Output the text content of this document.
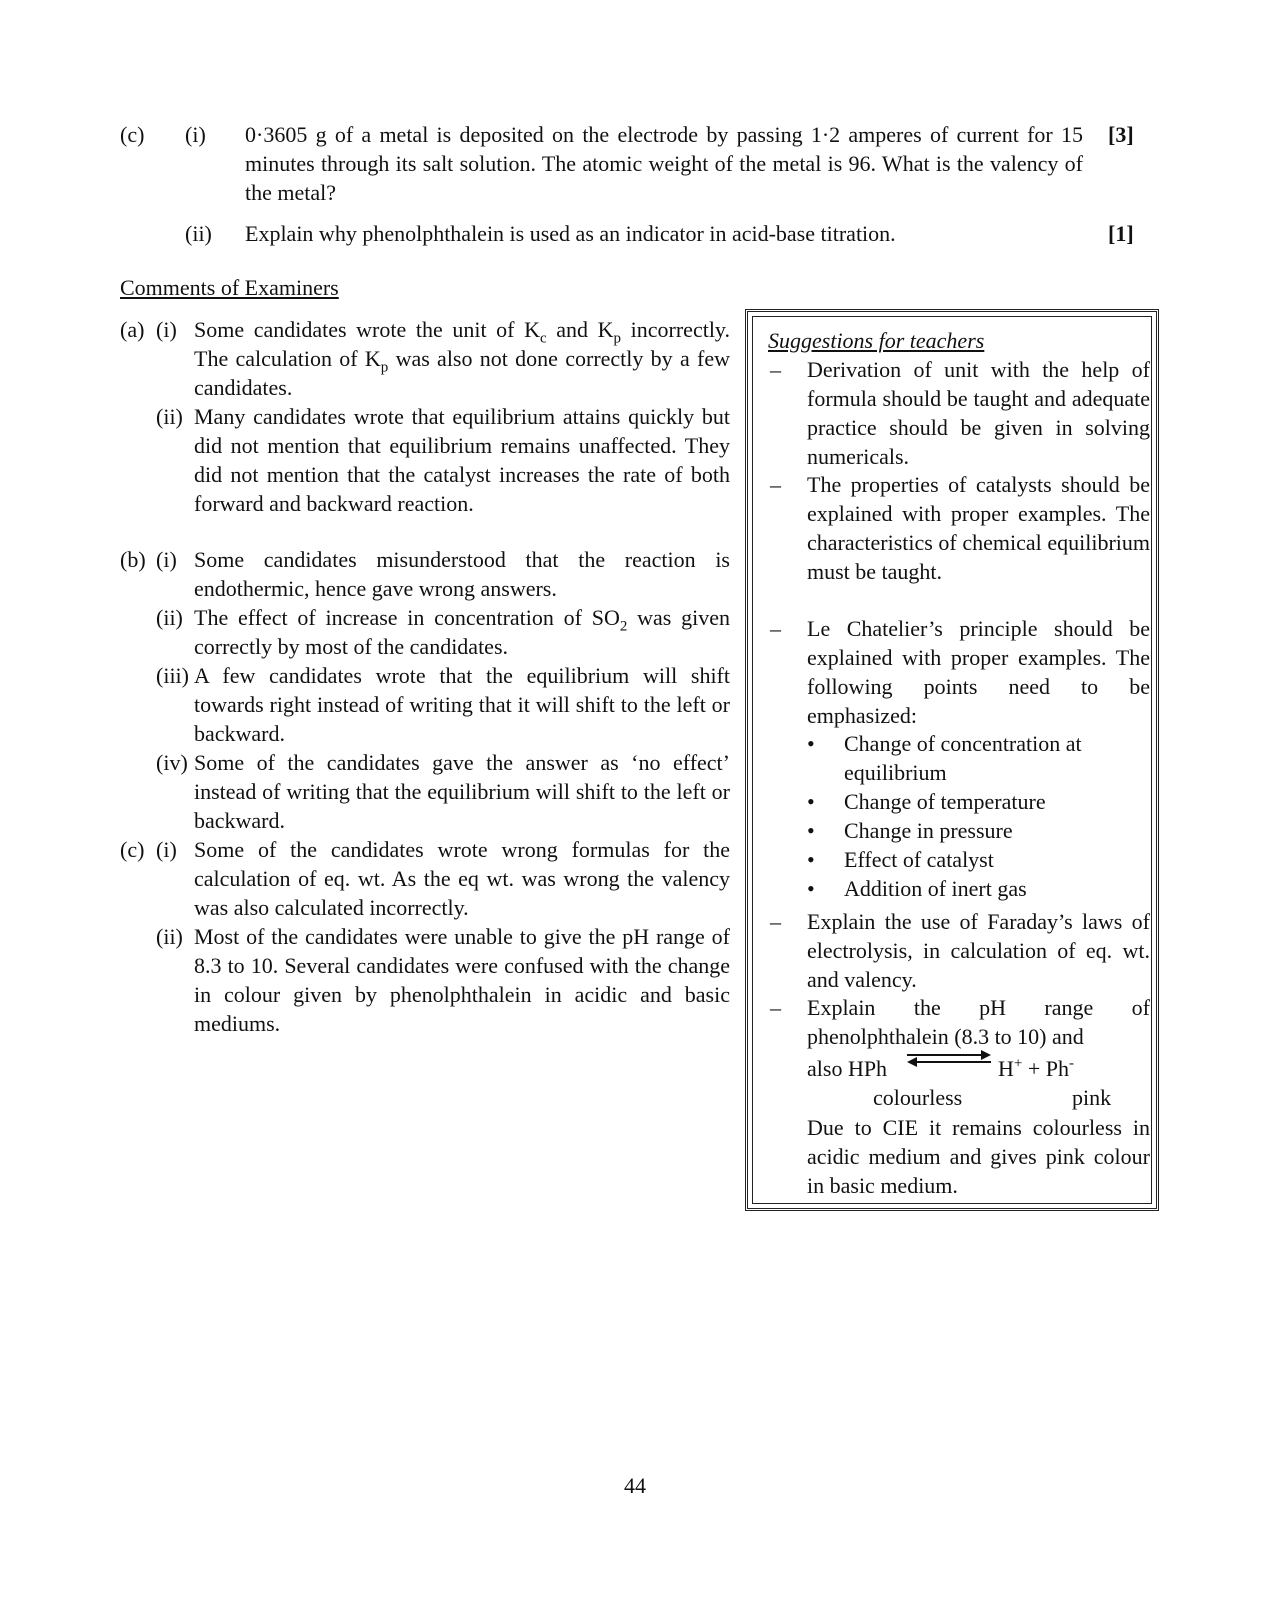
(c) (i) 0·3605 g of a metal is deposited on the electrode by passing 1·2 amperes of current for 15 minutes through its salt solution. The atomic weight of the metal is 96. What is the valency of the metal?
[3]
(ii) Explain why phenolphthalein is used as an indicator in acid-base titration.	[1]
Comments of Examiners
(a) (i) Some candidates wrote the unit of $K_c$ and $K_p$ incorrectly. The calculation of $K_p$ was also not done correctly by a few candidates.
(ii) Many candidates wrote that equilibrium attains quickly but did not mention that equilibrium remains unaffected. They did not mention that the catalyst increases the rate of both forward and backward reaction.
(b) (i) Some candidates misunderstood that the reaction is endothermic, hence gave wrong answers.
(ii) The effect of increase in concentration of $SO_2$ was given correctly by most of the candidates.
(iii) A few candidates wrote that the equilibrium will shift towards right instead of writing that it will shift to the left or backward.
(iv) Some of the candidates gave the answer as ‘no effect’ instead of writing that the equilibrium will shift to the left or backward.
(c) (i) Some of the candidates wrote wrong formulas for the calculation of eq. wt. As the eq wt. was wrong the valency was also calculated incorrectly.
(ii) Most of the candidates were unable to give the pH range of 8.3 to 10. Several candidates were confused with the change in colour given by phenolphthalein in acidic and basic mediums.
Suggestions for teachers
– Derivation of unit with the help of formula should be taught and adequate practice should be given in solving numericals.
– The properties of catalysts should be explained with proper examples. The characteristics of chemical equilibrium must be taught.
– Le Chatelier’s principle should be explained with proper examples. The following points need to be emphasized:
• Change of concentration at equilibrium
• Change of temperature
• Change in pressure
• Effect of catalyst
• Addition of inert gas
– Explain the use of Faraday’s laws of electrolysis, in calculation of eq. wt. and valency.
– Explain the pH range of phenolphthalein (8.3 to 10) and
also HPh ⇌ H+ + Ph-
colourless	pink
Due to CIE it remains colourless in acidic medium and gives pink colour in basic medium.
44
